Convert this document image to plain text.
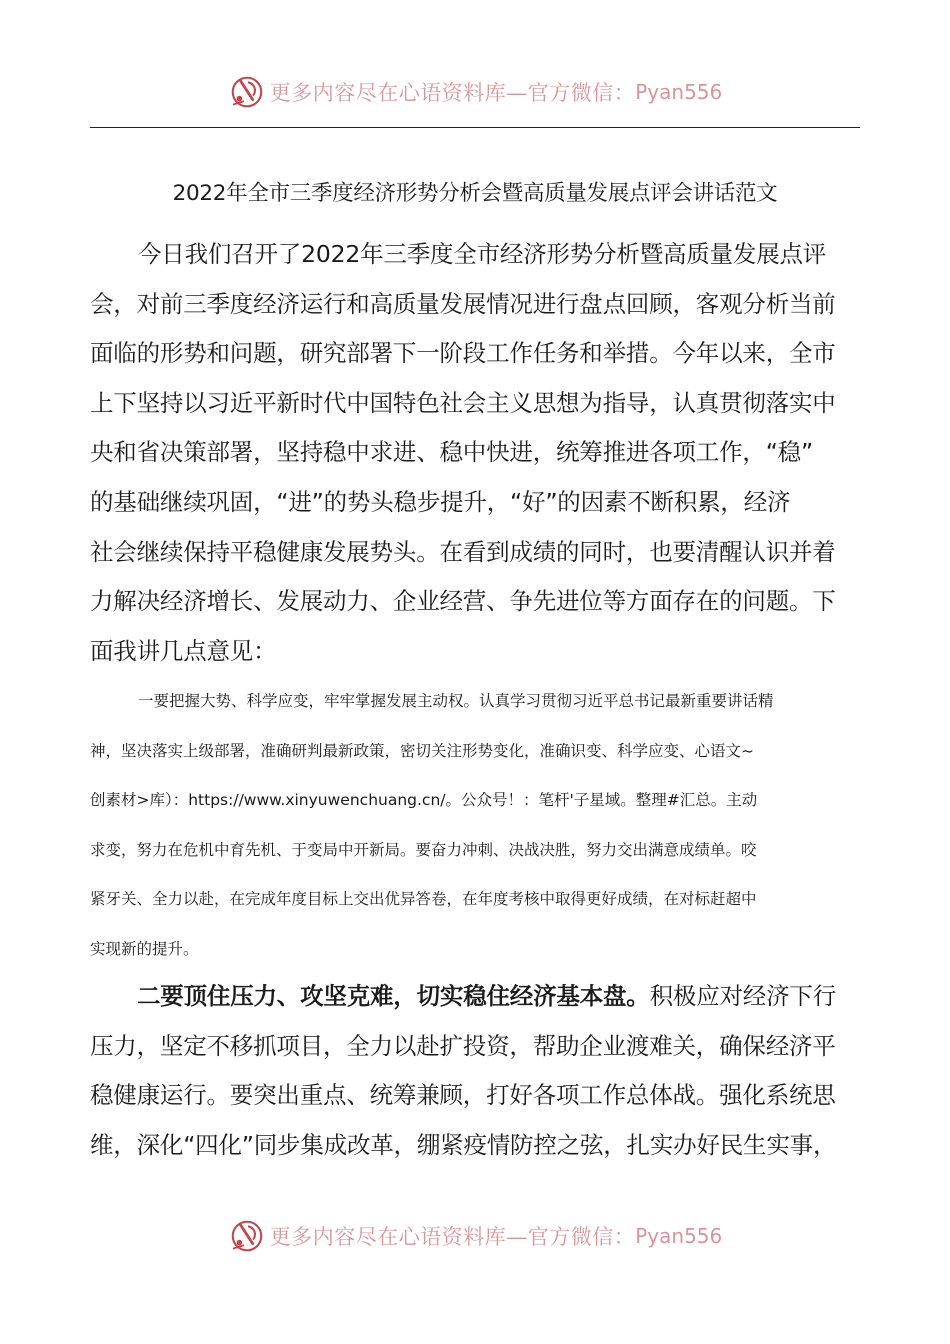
更多内容尽在心语资料库—官方微信： Pyan556
2022年全市三季度经济形势分析会暨高质量发展点评会讲话范文
今日我们召开了2022年三季度全市经济形势分析暨高质量发展点评
会，对前三季度经济运行和高质量发展情况进行盘点回顾，客观分析当前
面临的形势和问题，研究部署下一阶段工作任务和举措。今年以来，全市
上下坚持以习近平新时代中国特色社会主义思想为指导，认真贯彻落实中
央和省决策部署，坚持稳中求进、稳中快进，统筹推进各项工作，“稳”
的基础继续巩固，“进”的势头稳步提升，“好”的因素不断积累，经济
社会继续保持平稳健康发展势头。在看到成绩的同时，也要清醒认识并着
力解决经济增长、发展动力、企业经营、争先进位等方面存在的问题。下
面我讲几点意见：
一要把握大势、科学应变，牢牢掌握发展主动权。认真学习贯彻习近平总书记最新重要讲话精
神，坚决落实上级部署，准确研判最新政策，密切关注形势变化，准确识变、科学应变、心语文~
创素材>库）：https://www.xinyuwenchuang.cn/。公众号！：笔杆'子星域。整理#汇总。主动
求变，努力在危机中育先机、于变局中开新局。要奋力冲刺、决战决胜，努力交出满意成绩单。咬
紧牙关、全力以赴，在完成年度目标上交出优异答卷，在年度考核中取得更好成绩，在对标赶超中
实现新的提升。
二要顶住压力、攻坚克难，切实稳住经济基本盘。积极应对经济下行
压力，坚定不移抓项目，全力以赴扩投资，帮助企业渡难关，确保经济平
稳健康运行。要突出重点、统筹兼顾，打好各项工作总体战。强化系统思
维，深化“四化”同步集成改革，绷紧疫情防控之弦，扎实办好民生实事，
更多内容尽在心语资料库—官方微信： Pyan556
